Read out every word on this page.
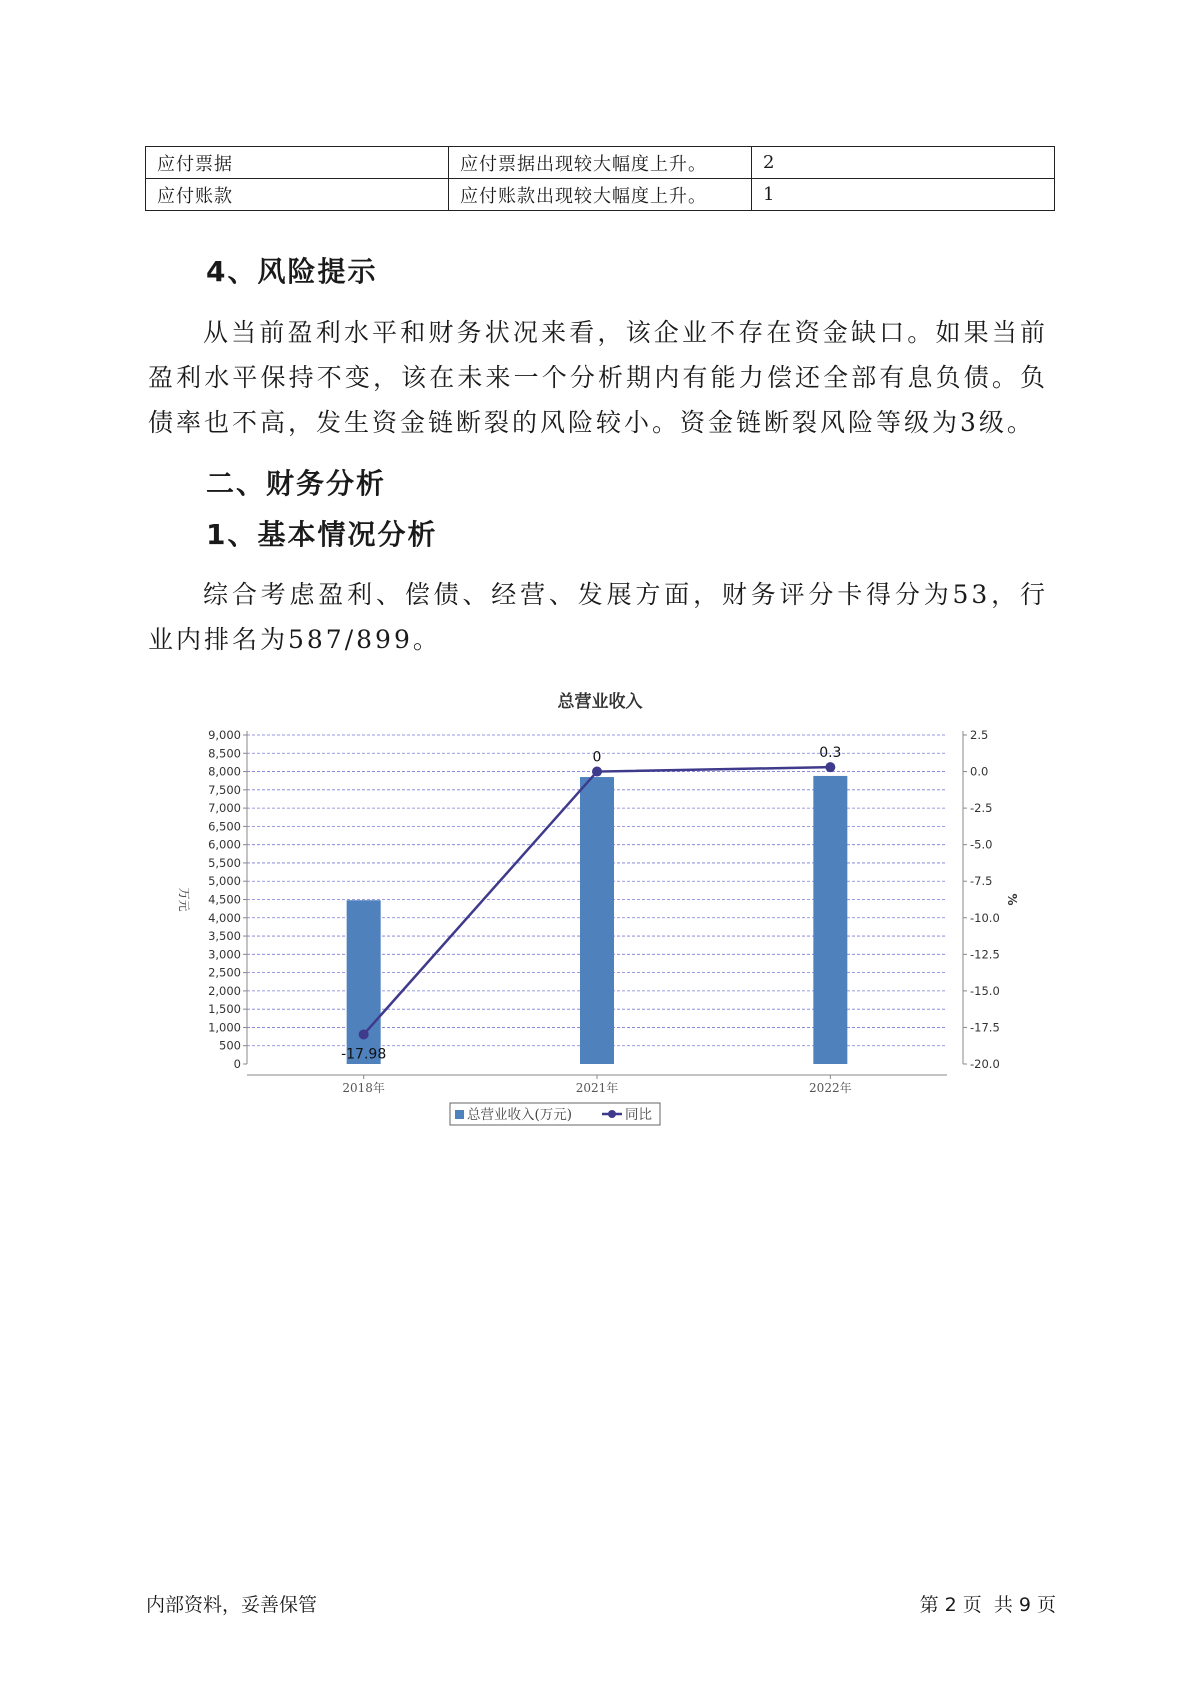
应付票据	应付票据出现较大幅度上升。	2
应付账款	应付账款出现较大幅度上升。	1
4、风险提示

从当前盈利水平和财务状况来看，该企业不存在资金缺口。如果当前盈利水平保持不变，该在未来一个分析期内有能力偿还全部有息负债。负债率也不高，发生资金链断裂的风险较小。资金链断裂风险等级为3级。

二、财务分析
1、基本情况分析

综合考虑盈利、偿债、经营、发展方面，财务评分卡得分为53，行业内排名为587/899。

总营业收入
0
500
1,000
1,500
2,000
2,500
3,000
3,500
4,000
4,500
5,000
5,500
6,000
6,500
7,000
7,500
8,000
8,500
9,000	2.5
0.0
-2.5
-5.0
-7.5
-10.0
-12.5
-15.0
-17.5
-20.0
万元	%
2018年	2021年	2022年
-17.98
0	0.3
总营业收入(万元)	同比
内部资料，妥善保管	第 2 页  共 9 页
